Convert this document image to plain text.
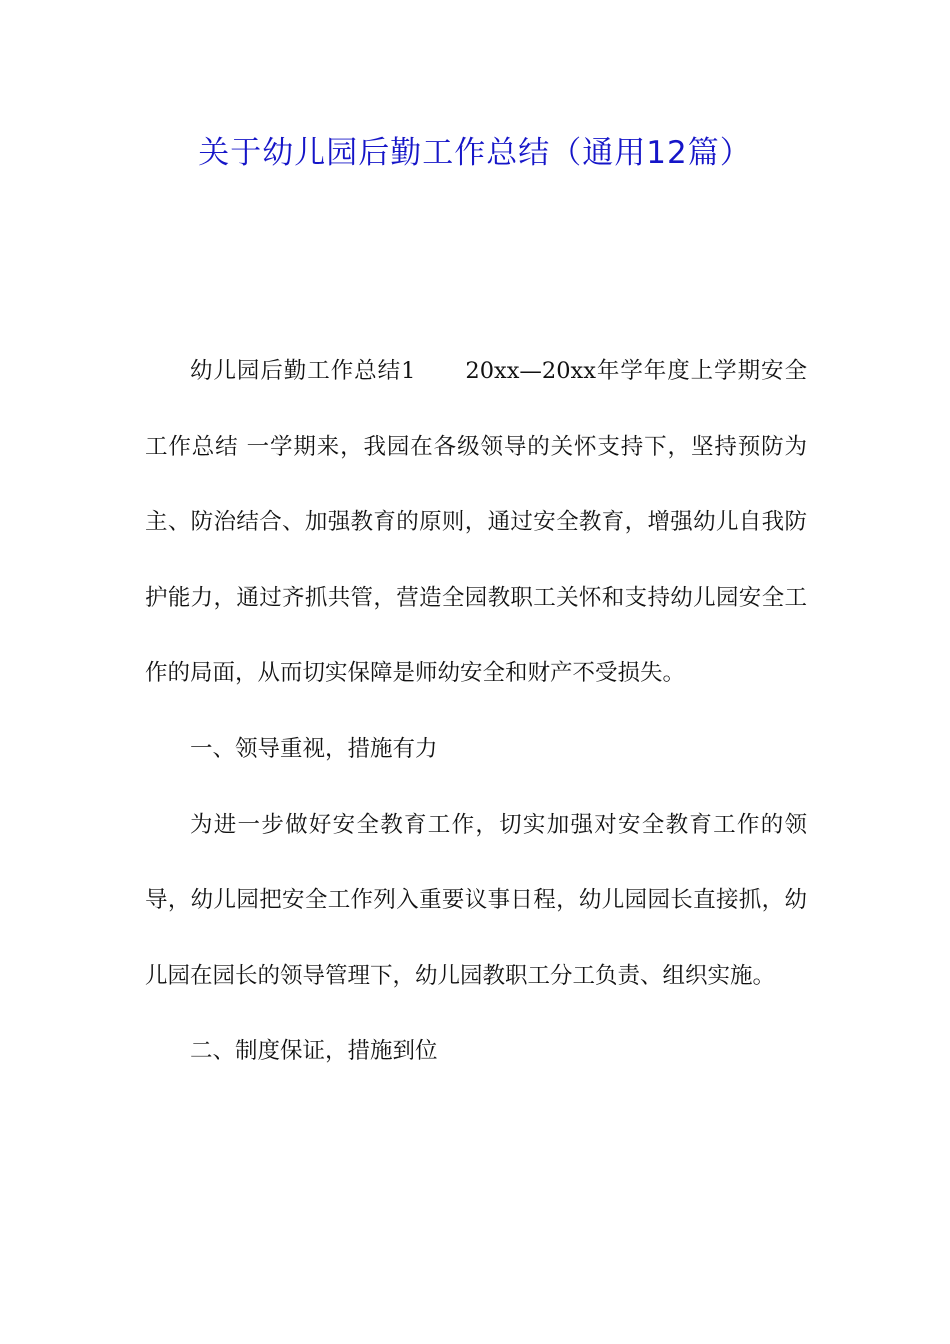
关于幼儿园后勤工作总结（通用12篇）

幼儿园后勤工作总结1 20xx—20xx年学年度上学期安全工作总结 一学期来，我园在各级领导的关怀支持下，坚持预防为主、防治结合、加强教育的原则，通过安全教育，增强幼儿自我防护能力，通过齐抓共管，营造全园教职工关怀和支持幼儿园安全工作的局面，从而切实保障是师幼安全和财产不受损失。

一、领导重视，措施有力

为进一步做好安全教育工作，切实加强对安全教育工作的领导，幼儿园把安全工作列入重要议事日程，幼儿园园长直接抓，幼儿园在园长的领导管理下，幼儿园教职工分工负责、组织实施。

二、制度保证，措施到位
